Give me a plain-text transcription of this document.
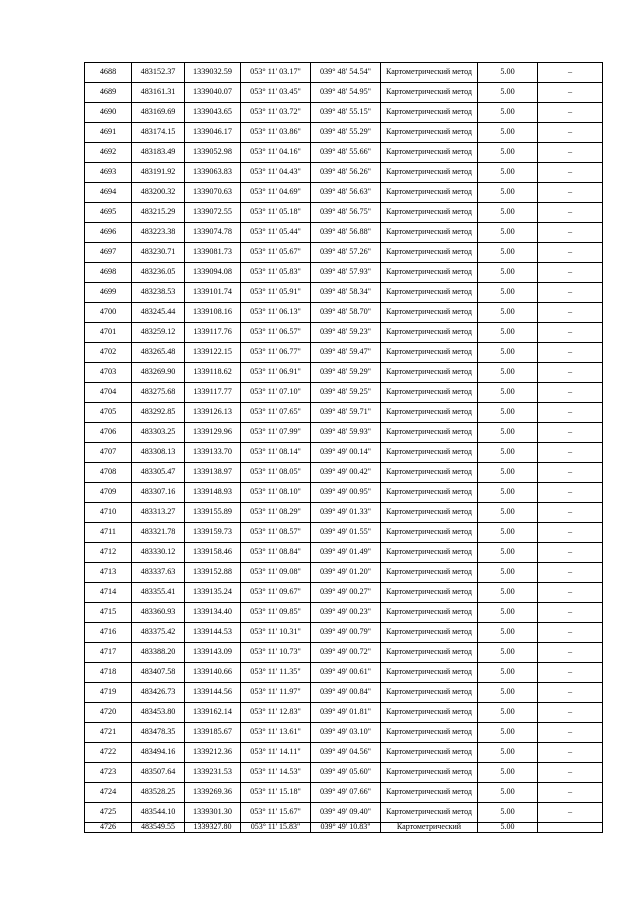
4688	483152.37	1339032.59	053° 11' 03.17"	039° 48' 54.54"	Картометрический метод	5.00	–
4689	483161.31	1339040.07	053° 11' 03.45"	039° 48' 54.95"	Картометрический метод	5.00	–
4690	483169.69	1339043.65	053° 11' 03.72"	039° 48' 55.15"	Картометрический метод	5.00	–
4691	483174.15	1339046.17	053° 11' 03.86"	039° 48' 55.29"	Картометрический метод	5.00	–
4692	483183.49	1339052.98	053° 11' 04.16"	039° 48' 55.66"	Картометрический метод	5.00	–
4693	483191.92	1339063.83	053° 11' 04.43"	039° 48' 56.26"	Картометрический метод	5.00	–
4694	483200.32	1339070.63	053° 11' 04.69"	039° 48' 56.63"	Картометрический метод	5.00	–
4695	483215.29	1339072.55	053° 11' 05.18"	039° 48' 56.75"	Картометрический метод	5.00	–
4696	483223.38	1339074.78	053° 11' 05.44"	039° 48' 56.88"	Картометрический метод	5.00	–
4697	483230.71	1339081.73	053° 11' 05.67"	039° 48' 57.26"	Картометрический метод	5.00	–
4698	483236.05	1339094.08	053° 11' 05.83"	039° 48' 57.93"	Картометрический метод	5.00	–
4699	483238.53	1339101.74	053° 11' 05.91"	039° 48' 58.34"	Картометрический метод	5.00	–
4700	483245.44	1339108.16	053° 11' 06.13"	039° 48' 58.70"	Картометрический метод	5.00	–
4701	483259.12	1339117.76	053° 11' 06.57"	039° 48' 59.23"	Картометрический метод	5.00	–
4702	483265.48	1339122.15	053° 11' 06.77"	039° 48' 59.47"	Картометрический метод	5.00	–
4703	483269.90	1339118.62	053° 11' 06.91"	039° 48' 59.29"	Картометрический метод	5.00	–
4704	483275.68	1339117.77	053° 11' 07.10"	039° 48' 59.25"	Картометрический метод	5.00	–
4705	483292.85	1339126.13	053° 11' 07.65"	039° 48' 59.71"	Картометрический метод	5.00	–
4706	483303.25	1339129.96	053° 11' 07.99"	039° 48' 59.93"	Картометрический метод	5.00	–
4707	483308.13	1339133.70	053° 11' 08.14"	039° 49' 00.14"	Картометрический метод	5.00	–
4708	483305.47	1339138.97	053° 11' 08.05"	039° 49' 00.42"	Картометрический метод	5.00	–
4709	483307.16	1339148.93	053° 11' 08.10"	039° 49' 00.95"	Картометрический метод	5.00	–
4710	483313.27	1339155.89	053° 11' 08.29"	039° 49' 01.33"	Картометрический метод	5.00	–
4711	483321.78	1339159.73	053° 11' 08.57"	039° 49' 01.55"	Картометрический метод	5.00	–
4712	483330.12	1339158.46	053° 11' 08.84"	039° 49' 01.49"	Картометрический метод	5.00	–
4713	483337.63	1339152.88	053° 11' 09.08"	039° 49' 01.20"	Картометрический метод	5.00	–
4714	483355.41	1339135.24	053° 11' 09.67"	039° 49' 00.27"	Картометрический метод	5.00	–
4715	483360.93	1339134.40	053° 11' 09.85"	039° 49' 00.23"	Картометрический метод	5.00	–
4716	483375.42	1339144.53	053° 11' 10.31"	039° 49' 00.79"	Картометрический метод	5.00	–
4717	483388.20	1339143.09	053° 11' 10.73"	039° 49' 00.72"	Картометрический метод	5.00	–
4718	483407.58	1339140.66	053° 11' 11.35"	039° 49' 00.61"	Картометрический метод	5.00	–
4719	483426.73	1339144.56	053° 11' 11.97"	039° 49' 00.84"	Картометрический метод	5.00	–
4720	483453.80	1339162.14	053° 11' 12.83"	039° 49' 01.81"	Картометрический метод	5.00	–
4721	483478.35	1339185.67	053° 11' 13.61"	039° 49' 03.10"	Картометрический метод	5.00	–
4722	483494.16	1339212.36	053° 11' 14.11"	039° 49' 04.56"	Картометрический метод	5.00	–
4723	483507.64	1339231.53	053° 11' 14.53"	039° 49' 05.60"	Картометрический метод	5.00	–
4724	483528.25	1339269.36	053° 11' 15.18"	039° 49' 07.66"	Картометрический метод	5.00	–
4725	483544.10	1339301.30	053° 11' 15.67"	039° 49' 09.40"	Картометрический метод	5.00	–
4726	483549.55	1339327.80	053° 11' 15.83"	039° 49' 10.83"	Картометрический	5.00	
